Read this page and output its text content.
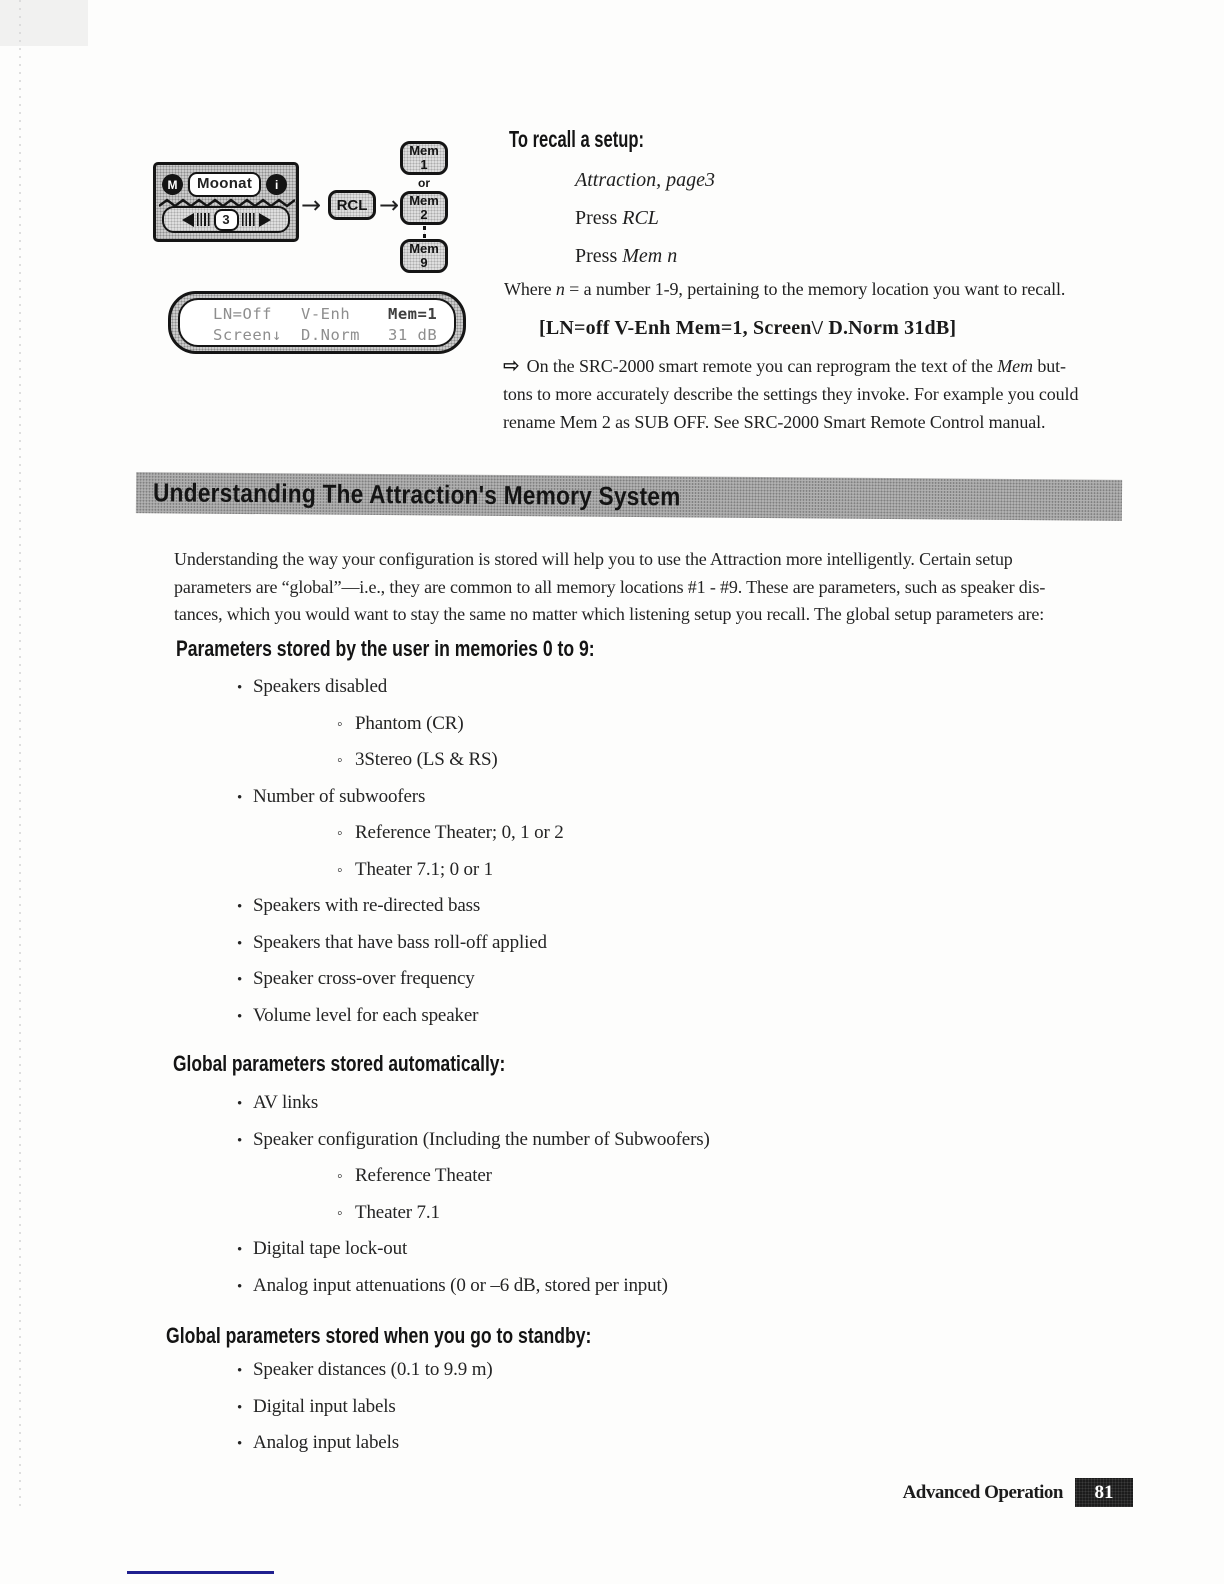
M	Moonat	i
3
→	RCL →
Mem
1
or
Mem
2
Mem
9
LN=Off V-Enh Mem=1
Screen↓ D.Norm 31 dB
To recall a setup:
Attraction, page3
Press RCL
Press Mem n
Where n = a number 1-9, pertaining to the memory location you want to recall.
[LN=off V-Enh Mem=1, Screen\/ D.Norm 31dB]
⇨ On the SRC-2000 smart remote you can reprogram the text of the Mem but-
tons to more accurately describe the settings they invoke. For example you could
rename Mem 2 as SUB OFF. See SRC-2000 Smart Remote Control manual.
Understanding The Attraction's Memory System
Understanding the way your configuration is stored will help you to use the Attraction more intelligently. Certain setup
parameters are “global”—i.e., they are common to all memory locations #1 - #9. These are parameters, such as speaker dis-
tances, which you would want to stay the same no matter which listening setup you recall. The global setup parameters are:
Parameters stored by the user in memories 0 to 9:
• Speakers disabled
◦ Phantom (CR)
◦ 3Stereo (LS & RS)
• Number of subwoofers
◦ Reference Theater; 0, 1 or 2
◦ Theater 7.1; 0 or 1
• Speakers with re-directed bass
• Speakers that have bass roll-off applied
• Speaker cross-over frequency
• Volume level for each speaker
Global parameters stored automatically:
• AV links
• Speaker configuration (Including the number of Subwoofers)
◦ Reference Theater
◦ Theater 7.1
• Digital tape lock-out
• Analog input attenuations (0 or –6 dB, stored per input)
Global parameters stored when you go to standby:
• Speaker distances (0.1 to 9.9 m)
• Digital input labels
• Analog input labels
Advanced Operation	81
